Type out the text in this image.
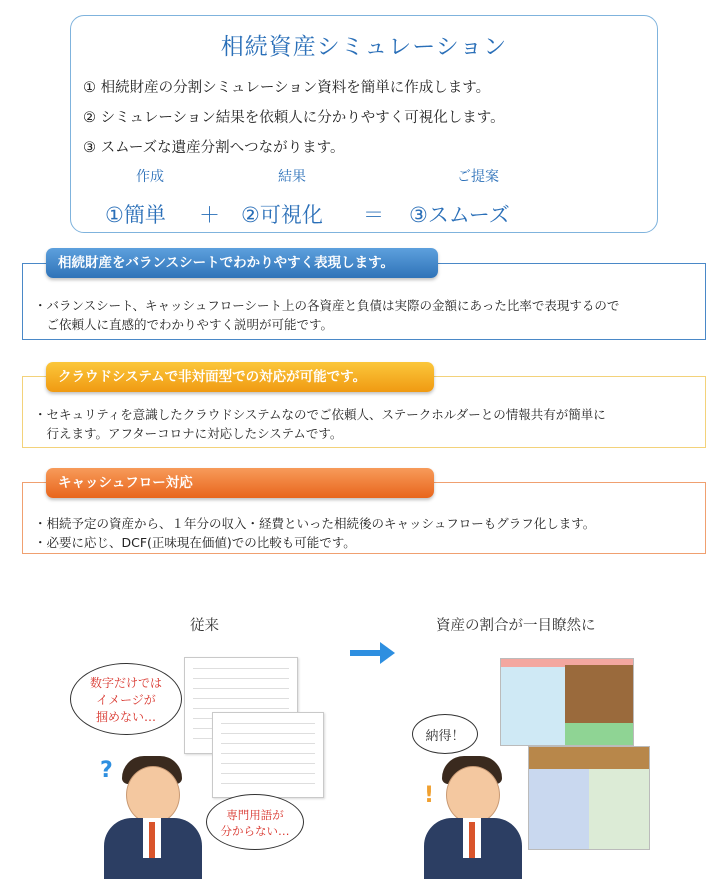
相続資産シミュレーション
① 相続財産の分割シミュレーション資料を簡単に作成します。
② シミュレーション結果を依頼人に分かりやすく可視化します。
③ スムーズな遺産分割へつながります。
作成	結果	ご提案
①簡単 ＋ ②可視化 ＝ ③スムーズ
相続財産をバランスシートでわかりやすく表現します。
・バランスシート、キャッシュフローシート上の各資産と負債は実際の金額にあった比率で表現するので
　ご依頼人に直感的でわかりやすく説明が可能です。
クラウドシステムで非対面型での対応が可能です。
・セキュリティを意識したクラウドシステムなのでご依頼人、ステークホルダーとの情報共有が簡単に
　行えます。アフターコロナに対応したシステムです。
キャッシュフロー対応
・相続予定の資産から、１年分の収入・経費といった相続後のキャッシュフローもグラフ化します。
・必要に応じ、DCF(正味現在価値)での比較も可能です。
従来	資産の割合が一目瞭然に
数字だけでは
イメージが
掴めない…
?
専門用語が
分からない…
納得！
!
